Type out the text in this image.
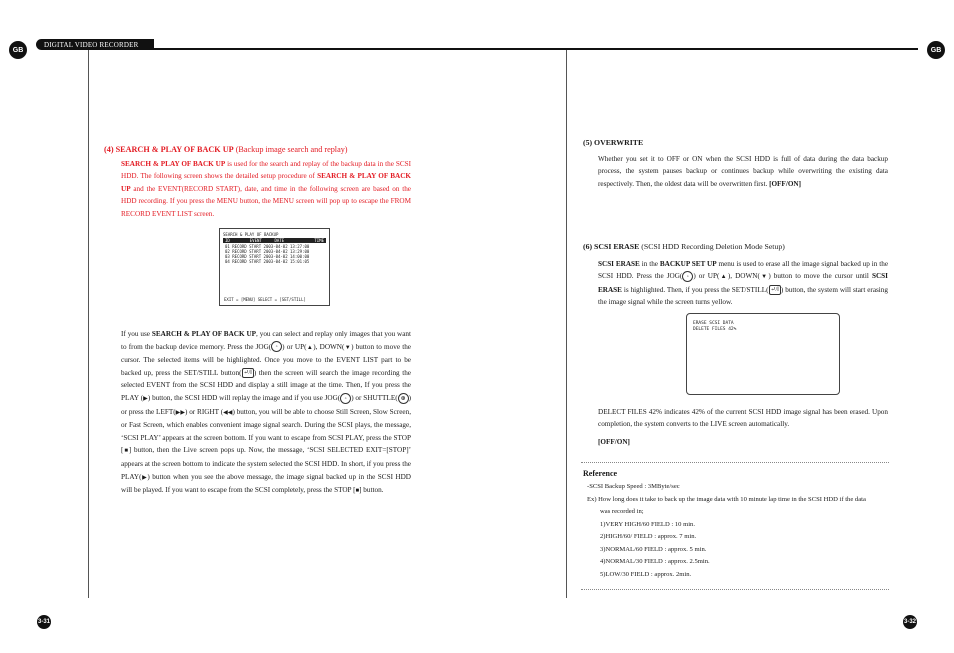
GB
DIGITAL VIDEO RECORDER
GB
(4) SEARCH & PLAY OF BACK UP (Backup image search and replay)
SEARCH & PLAY OF BACK UP is used for the search and replay of the backup data in the SCSI HDD. The following screen shows the detailed setup procedure of SEARCH & PLAY OF BACK UP and the EVENT(RECORD START), date, and time in the following screen are based on the HDD recording. If you press the MENU button, the MENU screen will pop up to escape the FROM RECORD EVENT LIST screen.
SEARCH & PLAY OF BACKUP
ID	EVENT	DATE	TIME
01 RECORD START 2003-04-02 13:27:00
02 RECORD START 2003-04-02 13:29:00
03 RECORD START 2003-04-02 14:00:00
04 RECORD START 2003-04-02 15:01:05
EXIT = [MENU] SELECT = [SET/STILL]
If you use SEARCH & PLAY OF BACK UP, you can select and replay only images that you want to from the backup device memory. Press the JOG( ◦ ) or UP(▲), DOWN(▼) button to move the cursor. The selected items will be highlighted. Once you move to the EVENT LIST part to be backed up, press the SET/STILL button( ↵/‖ ) then the screen will search the image recording the selected EVENT from the SCSI HDD and display a still image at the time. Then, If you press the PLAY (▶) button, the SCSI HDD will replay the image and if you use JOG( ◦ ) or SHUTTLE( ⊛ ) or press the LEFT(▶▶) or RIGHT (◀◀) button, you will be able to choose Still Screen, Slow Screen, or Fast Screen, which enables convenient image signal search. During the SCSI plays, the message, ‘SCSI PLAY’ appears at the screen bottom. If you want to escape from SCSI PLAY, press the STOP [■] button, then the Live screen pops up. Now, the message, ‘SCSI SELECTED EXIT=[STOP]’ appears at the screen bottom to indicate the system selected the SCSI HDD. In short, if you press the PLAY(▶) button when you see the above message, the image signal backed up in the SCSI HDD will be played. If you want to escape from the SCSI completely, press the STOP [■] button.
3-31
(5) OVERWRITE
Whether you set it to OFF or ON when the SCSI HDD is full of data during the data backup process, the system pauses backup or continues backup while overwriting the existing data respectively. Then, the oldest data will be overwritten first. [OFF/ON]
(6) SCSI ERASE (SCSI HDD Recording Deletion Mode Setup)
SCSI ERASE in the BACKUP SET UP menu is used to erase all the image signal backed up in the SCSI HDD. Press the JOG( ◦ ) or UP(▲), DOWN(▼) button to move the cursor until SCSI ERASE is highlighted. Then, if you press the SET/STILL( ↵/‖ ) button, the system will start erasing the image signal while the screen turns yellow.
ERASE SCSI DATA
DELETE FILES 42%
DELECT FILES 42% indicates 42% of the current SCSI HDD image signal has been erased. Upon completion, the system converts to the LIVE screen automatically.
[OFF/ON]
Reference
-SCSI Backup Speed : 3MByte/sec
Ex) How long does it take to back up the image data with 10 minute lap time in the SCSI HDD if the data
was recorded in;
1)VERY HIGH/60 FIELD : 10 min.
2)HIGH/60/ FIELD : approx. 7 min.
3)NORMAL/60 FIELD : approx. 5 min.
4)NORMAL/30 FIELD : approx. 2.5min.
5)LOW/30 FIELD : approx. 2min.
3-32
